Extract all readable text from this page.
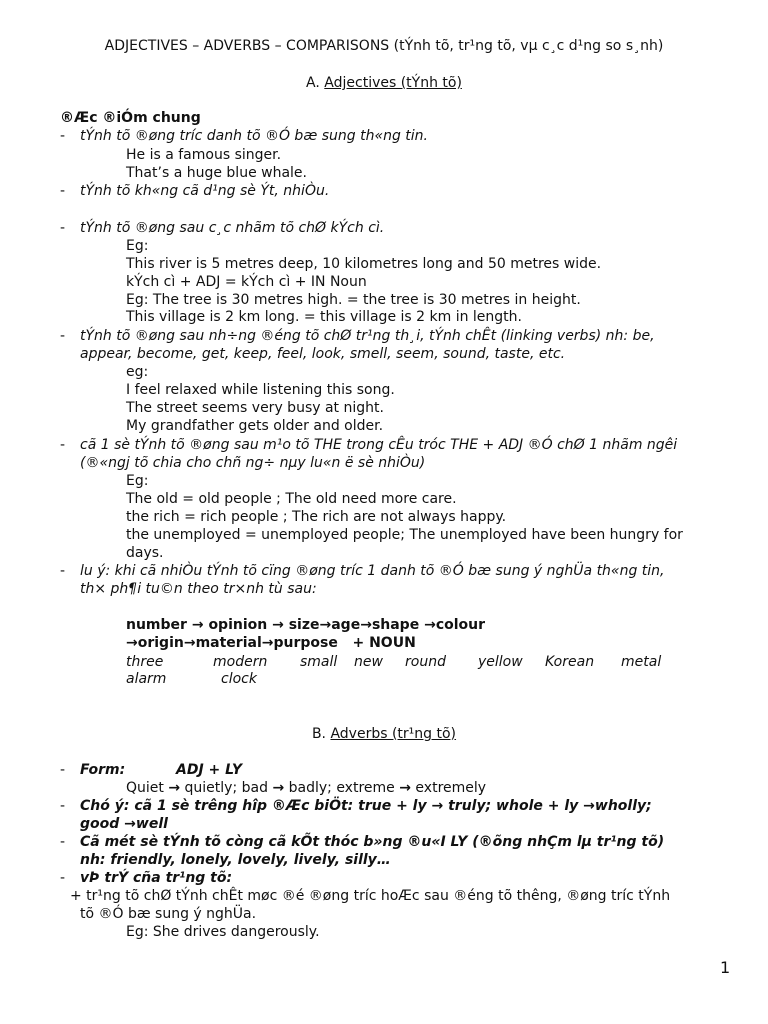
ADJECTIVES – ADVERBS – COMPARISONS (tÝnh tõ, tr¹ng tõ, vµ c¸c d¹ng so s¸nh)
A. Adjectives (tÝnh tõ)
®Æc ®iÓm chung
- tÝnh tõ ®øng tríc danh tõ ®Ó bæ sung th«ng tin.
He is a famous singer.
That’s a huge blue whale.
- tÝnh tõ kh«ng cã d¹ng sè Ýt, nhiÒu.
- tÝnh tõ ®øng sau c¸c nhãm tõ chØ kÝch cì.
Eg:
This river is 5 metres deep, 10 kilometres long and 50 metres wide.
kÝch cì + ADJ = kÝch cì + IN Noun
Eg: The tree is 30 metres high. = the tree is 30 metres in height.
This village is 2 km long. = this village is 2 km in length.
- tÝnh tõ ®øng sau nh÷ng ®éng tõ chØ tr¹ng th¸i, tÝnh chÊt (linking verbs) nh: be,
appear, become, get, keep, feel, look, smell, seem, sound, taste, etc.
eg:
I feel relaxed while listening this song.
The street seems very busy at night.
My grandfather gets older and older.
- cã 1 sè tÝnh tõ ®øng sau m¹o tõ THE trong cÊu tróc THE + ADJ ®Ó chØ 1 nhãm ngêi
(®«ngj tõ chia cho chñ ng÷ nµy lu«n ë sè nhiÒu)
Eg:
The old = old people ; The old need more care.
the rich = rich people ; The rich are not always happy.
the unemployed = unemployed people; The unemployed have been hungry for
days.
- lu ý: khi cã nhiÒu tÝnh tõ cïng ®øng tríc 1 danh tõ ®Ó bæ sung ý nghÜa th«ng tin,
th× ph¶i tu©n theo tr×nh tù sau:
number → opinion → size→age→shape →colour
→origin→material→purpose + NOUN
three	modern small new round yellow Korean metal
alarm	clock
B. Adverbs (tr¹ng tõ)
- Form:	ADJ + LY
Quiet → quietly; bad → badly; extreme → extremely
- Chó ý: cã 1 sè trêng hîp ®Æc biÖt: true + ly → truly; whole + ly →wholly;
good →well
- Cã mét sè tÝnh tõ còng cã kÕt thóc b»ng ®u«I LY (®õng nhÇm lµ tr¹ng tõ)
nh: friendly, lonely, lovely, lively, silly…
- vÞ trÝ cña tr¹ng tõ:
+ tr¹ng tõ chØ tÝnh chÊt møc ®é ®øng tríc hoÆc sau ®éng tõ thêng, ®øng tríc tÝnh
tõ ®Ó bæ sung ý nghÜa.
Eg: She drives dangerously.
1
